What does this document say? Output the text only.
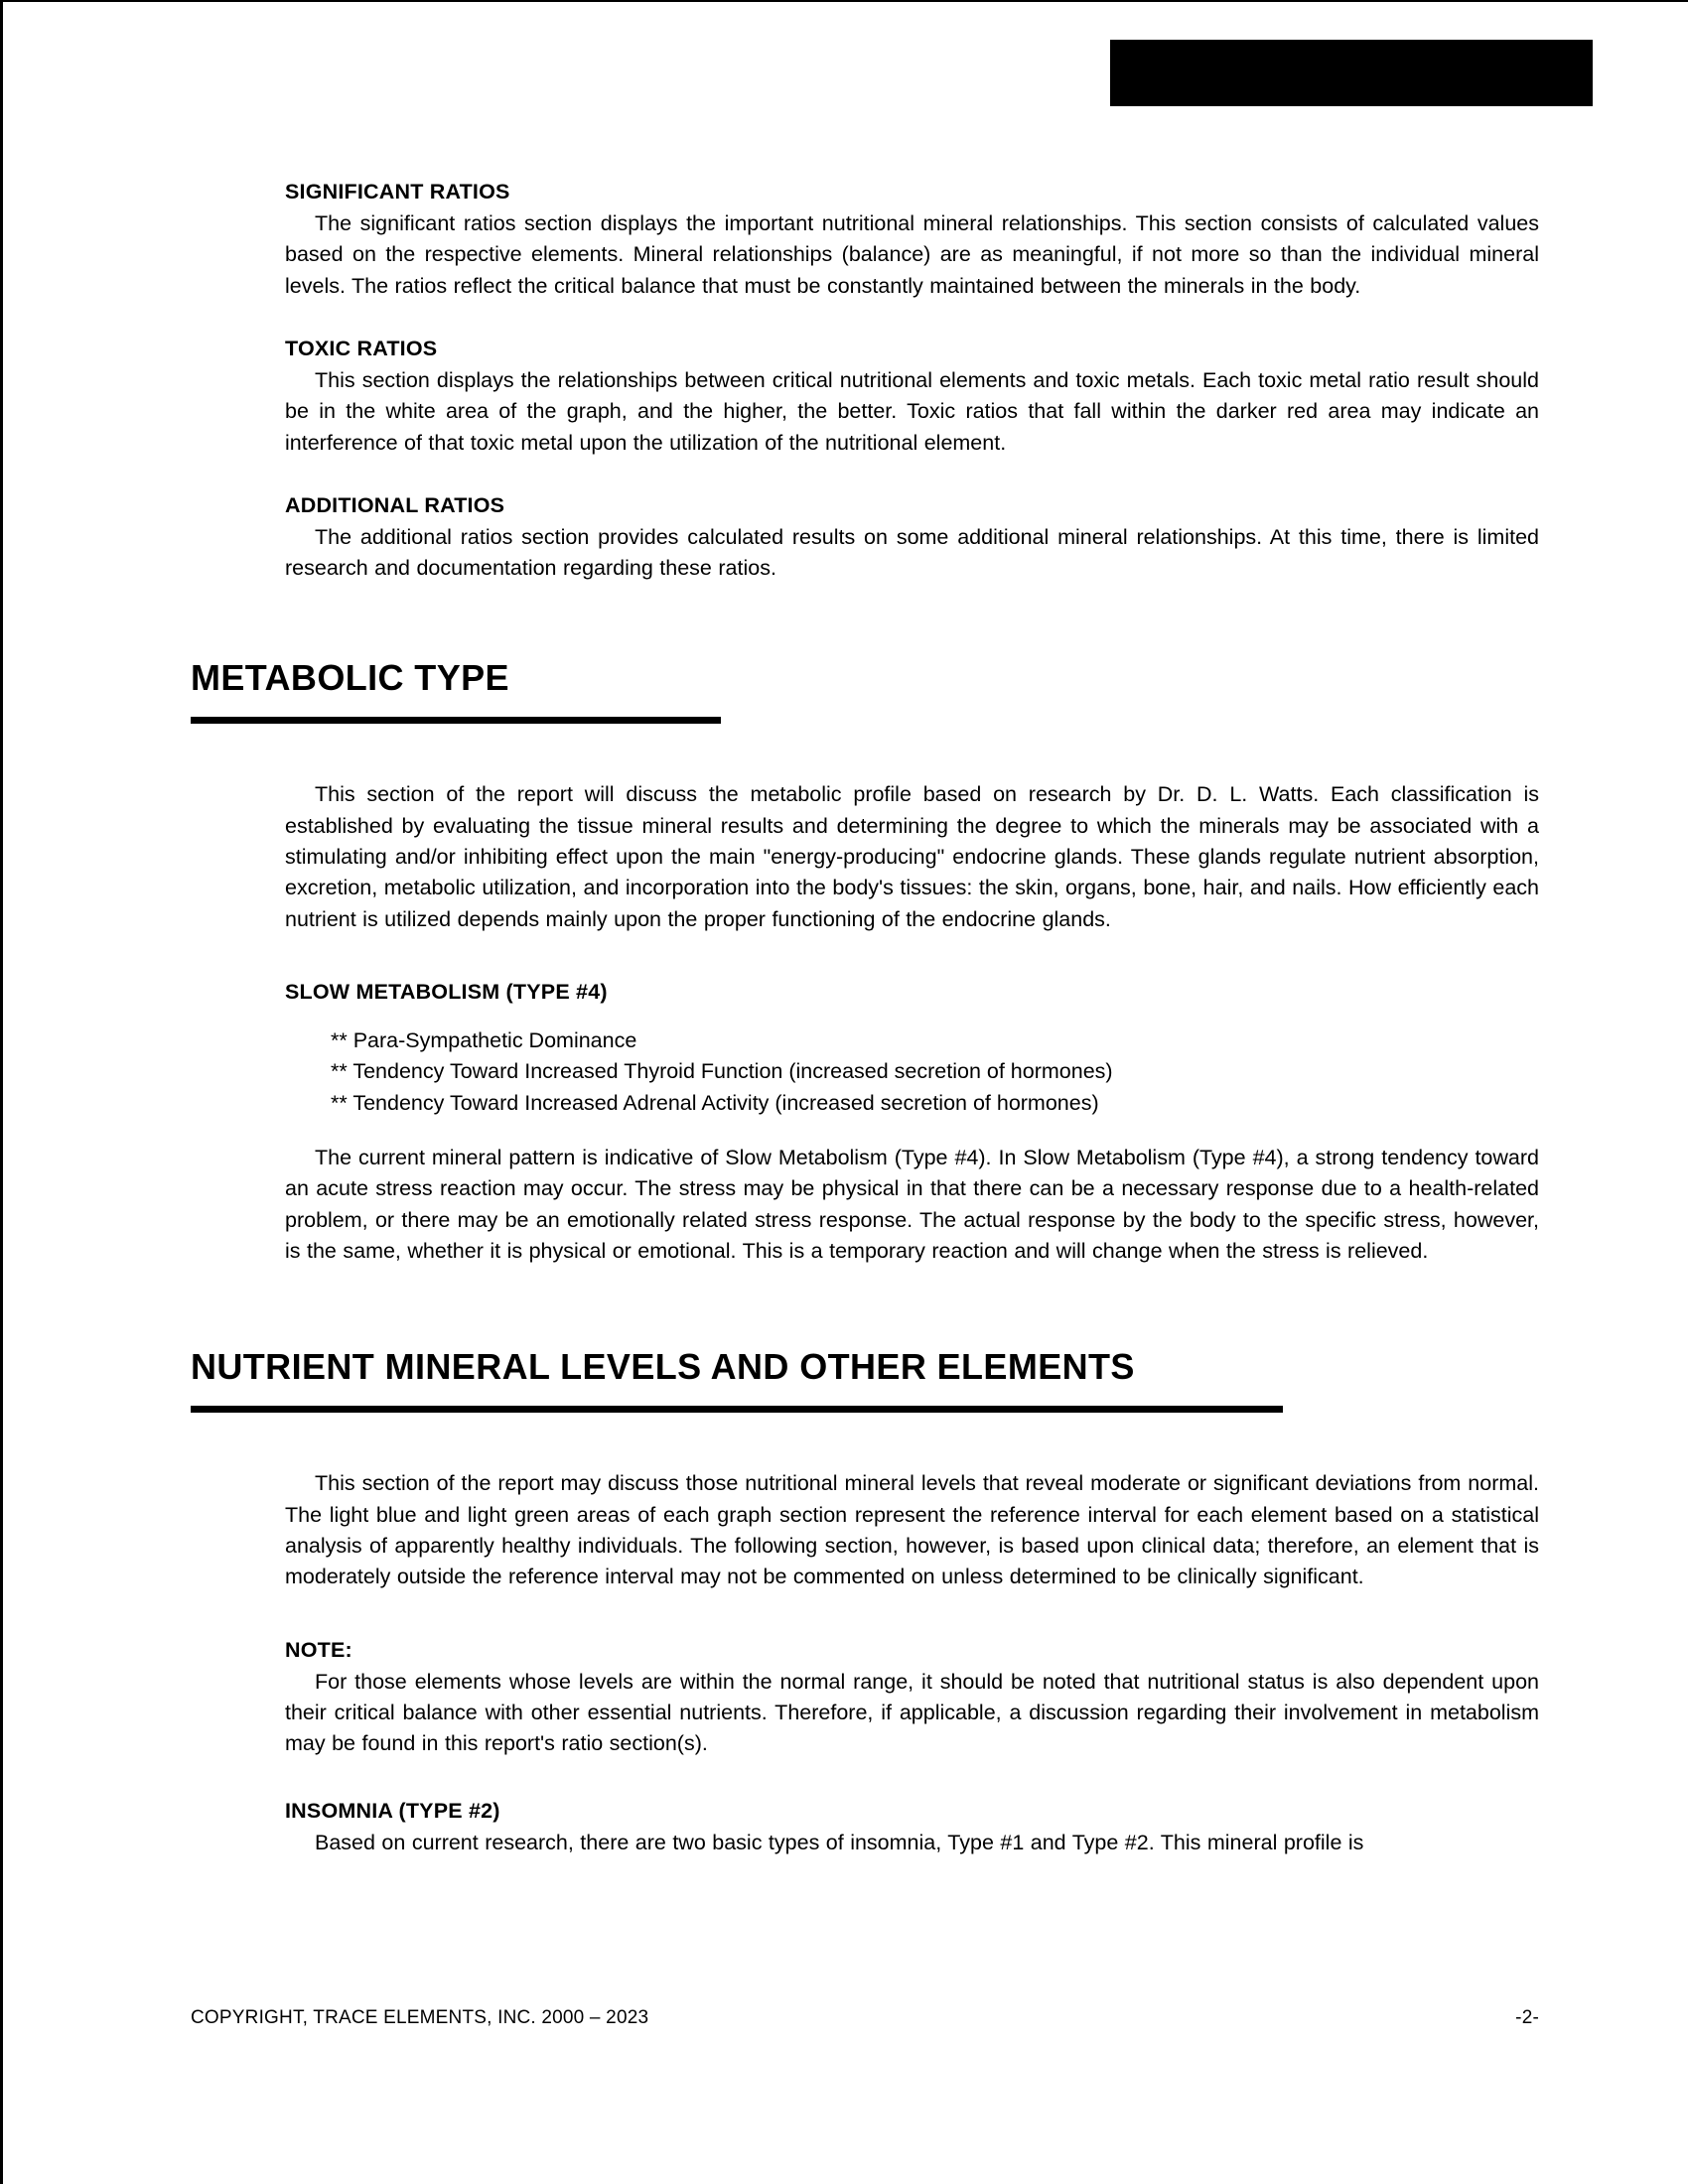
SIGNIFICANT RATIOS

The significant ratios section displays the important nutritional mineral relationships. This section consists of calculated values based on the respective elements. Mineral relationships (balance) are as meaningful, if not more so than the individual mineral levels. The ratios reflect the critical balance that must be constantly maintained between the minerals in the body.

TOXIC RATIOS

This section displays the relationships between critical nutritional elements and toxic metals. Each toxic metal ratio result should be in the white area of the graph, and the higher, the better. Toxic ratios that fall within the darker red area may indicate an interference of that toxic metal upon the utilization of the nutritional element.

ADDITIONAL RATIOS

The additional ratios section provides calculated results on some additional mineral relationships. At this time, there is limited research and documentation regarding these ratios.

METABOLIC TYPE

This section of the report will discuss the metabolic profile based on research by Dr. D. L. Watts. Each classification is established by evaluating the tissue mineral results and determining the degree to which the minerals may be associated with a stimulating and/or inhibiting effect upon the main "energy-producing" endocrine glands. These glands regulate nutrient absorption, excretion, metabolic utilization, and incorporation into the body's tissues: the skin, organs, bone, hair, and nails. How efficiently each nutrient is utilized depends mainly upon the proper functioning of the endocrine glands.

SLOW METABOLISM (TYPE #4)
** Para-Sympathetic Dominance
** Tendency Toward Increased Thyroid Function (increased secretion of hormones)
** Tendency Toward Increased Adrenal Activity (increased secretion of hormones)

The current mineral pattern is indicative of Slow Metabolism (Type #4). In Slow Metabolism (Type #4), a strong tendency toward an acute stress reaction may occur. The stress may be physical in that there can be a necessary response due to a health-related problem, or there may be an emotionally related stress response. The actual response by the body to the specific stress, however, is the same, whether it is physical or emotional. This is a temporary reaction and will change when the stress is relieved.

NUTRIENT MINERAL LEVELS AND OTHER ELEMENTS

This section of the report may discuss those nutritional mineral levels that reveal moderate or significant deviations from normal. The light blue and light green areas of each graph section represent the reference interval for each element based on a statistical analysis of apparently healthy individuals. The following section, however, is based upon clinical data; therefore, an element that is moderately outside the reference interval may not be commented on unless determined to be clinically significant.

NOTE:

For those elements whose levels are within the normal range, it should be noted that nutritional status is also dependent upon their critical balance with other essential nutrients. Therefore, if applicable, a discussion regarding their involvement in metabolism may be found in this report's ratio section(s).

INSOMNIA (TYPE #2)

Based on current research, there are two basic types of insomnia, Type #1 and Type #2. This mineral profile is

COPYRIGHT, TRACE ELEMENTS, INC. 2000 – 2023	-2-
